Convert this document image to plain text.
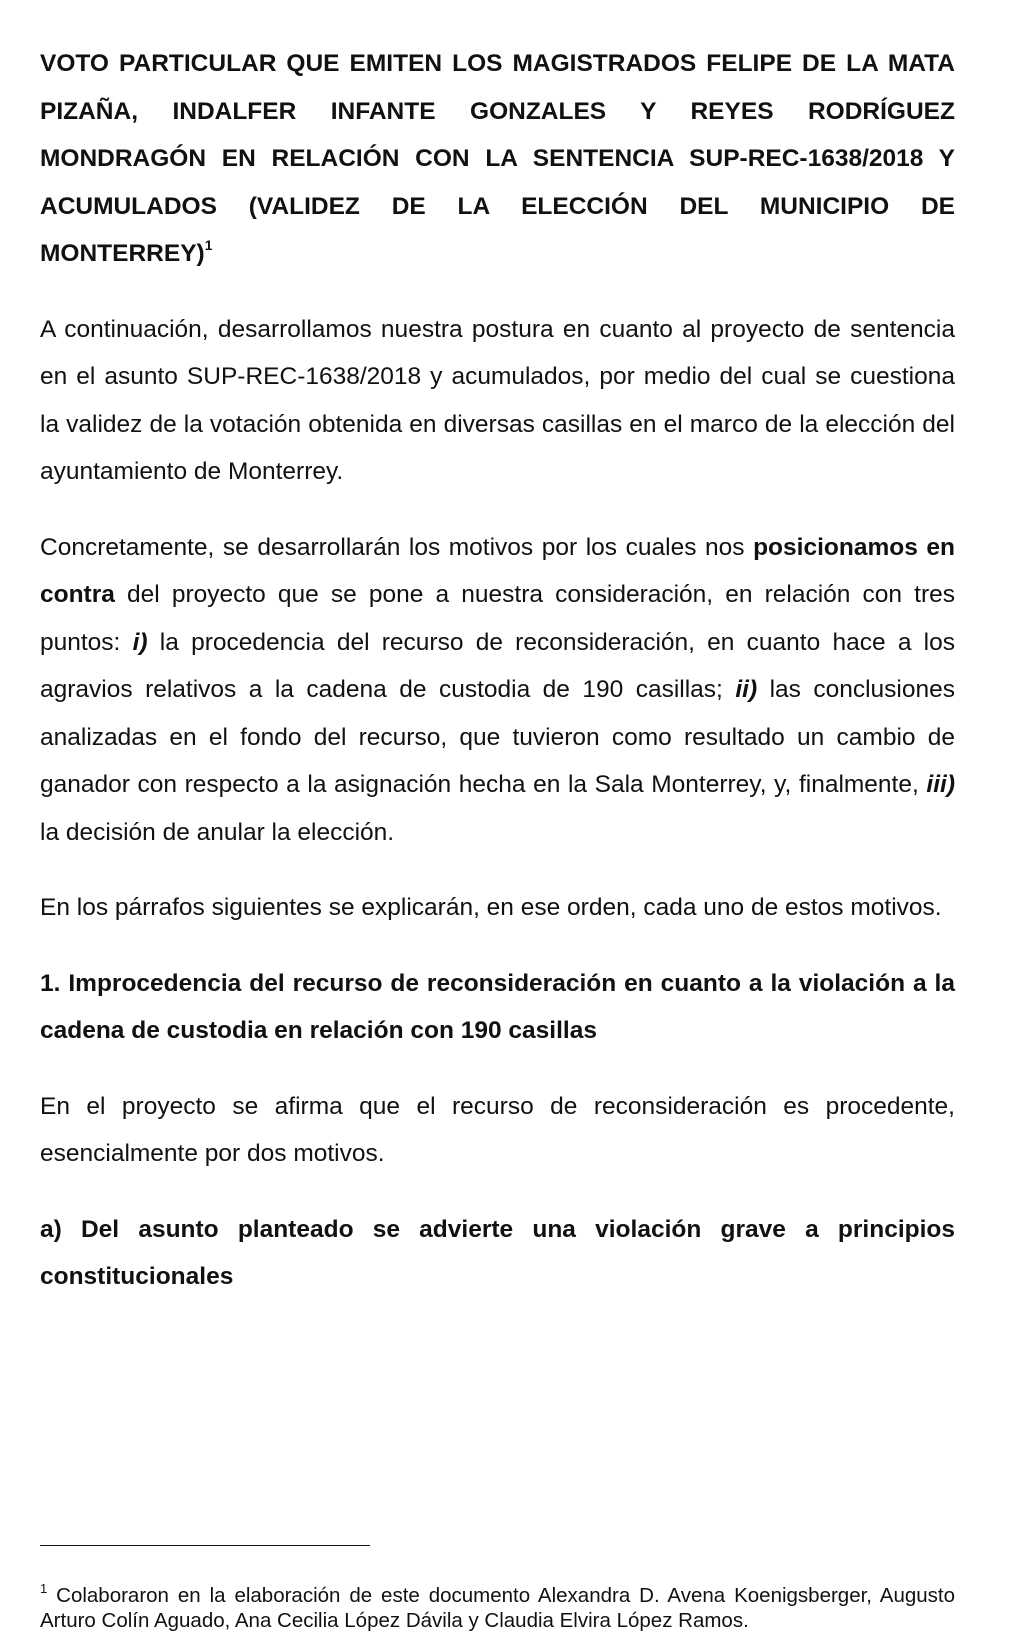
VOTO PARTICULAR QUE EMITEN LOS MAGISTRADOS FELIPE DE LA MATA PIZAÑA, INDALFER INFANTE GONZALES Y REYES RODRÍGUEZ MONDRAGÓN EN RELACIÓN CON LA SENTENCIA SUP-REC-1638/2018 Y ACUMULADOS (VALIDEZ DE LA ELECCIÓN DEL MUNICIPIO DE MONTERREY)$^1$

A continuación, desarrollamos nuestra postura en cuanto al proyecto de sentencia en el asunto SUP-REC-1638/2018 y acumulados, por medio del cual se cuestiona la validez de la votación obtenida en diversas casillas en el marco de la elección del ayuntamiento de Monterrey.

Concretamente, se desarrollarán los motivos por los cuales nos posicionamos en contra del proyecto que se pone a nuestra consideración, en relación con tres puntos: i) la procedencia del recurso de reconsideración, en cuanto hace a los agravios relativos a la cadena de custodia de 190 casillas; ii) las conclusiones analizadas en el fondo del recurso, que tuvieron como resultado un cambio de ganador con respecto a la asignación hecha en la Sala Monterrey, y, finalmente, iii) la decisión de anular la elección.

En los párrafos siguientes se explicarán, en ese orden, cada uno de estos motivos.

1. Improcedencia del recurso de reconsideración en cuanto a la violación a la cadena de custodia en relación con 190 casillas

En el proyecto se afirma que el recurso de reconsideración es procedente, esencialmente por dos motivos.

a) Del asunto planteado se advierte una violación grave a principios constitucionales

$^1$ Colaboraron en la elaboración de este documento Alexandra D. Avena Koenigsberger, Augusto Arturo Colín Aguado, Ana Cecilia López Dávila y Claudia Elvira López Ramos.
